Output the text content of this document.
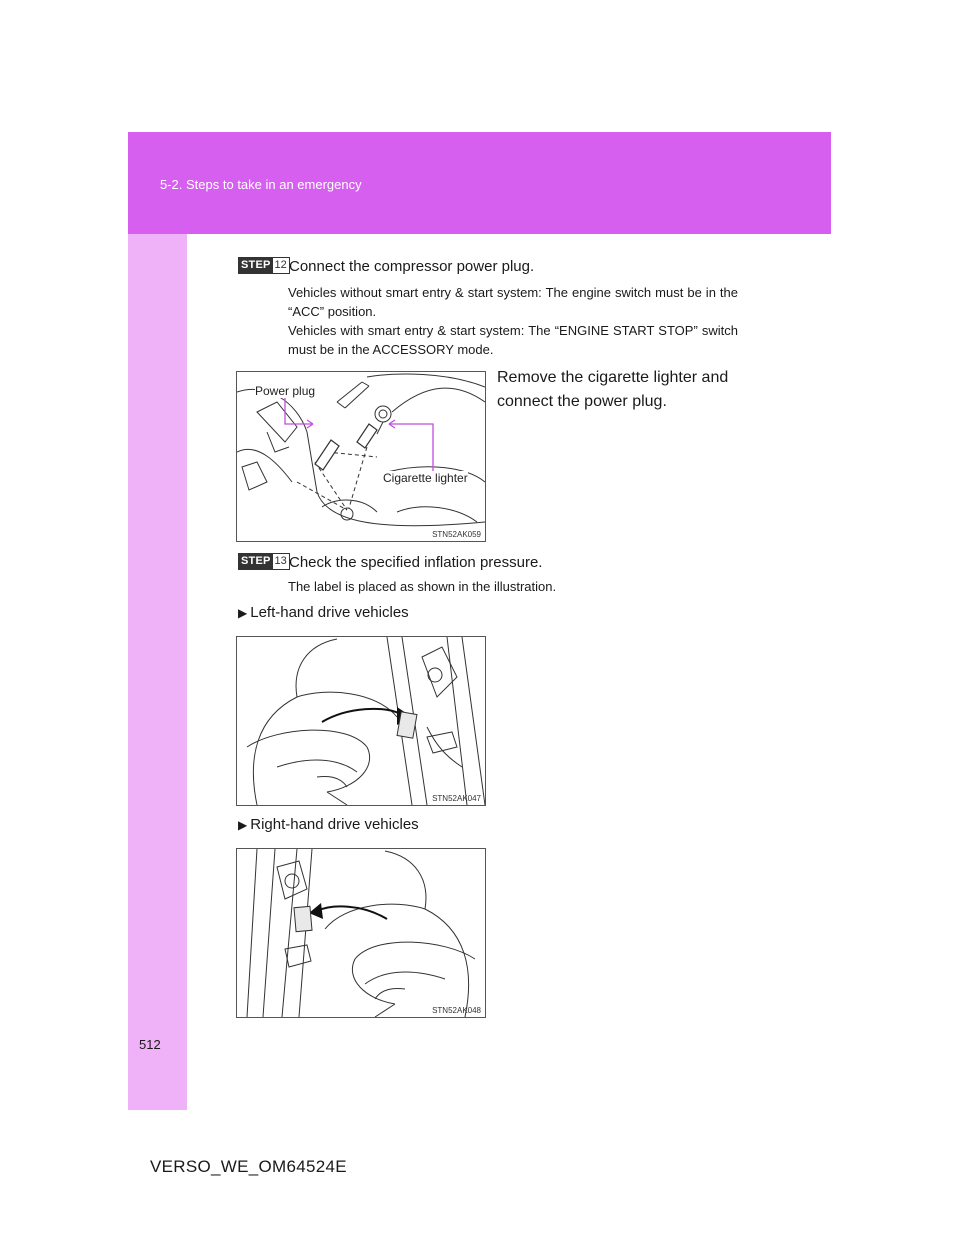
5-2. Steps to take in an emergency
STEP 12 Connect the compressor power plug.
Vehicles without smart entry & start system: The engine switch must be in the “ACC” position.
Vehicles with smart entry & start system: The “ENGINE START STOP” switch must be in the ACCESSORY mode.
Power plug
Cigarette lighter
STN52AK059
Remove the cigarette lighter and connect the power plug.
STEP 13 Check the specified inflation pressure.
The label is placed as shown in the illustration.
▶ Left-hand drive vehicles
STN52AK047
▶ Right-hand drive vehicles
STN52AK048
512
VERSO_WE_OM64524E
